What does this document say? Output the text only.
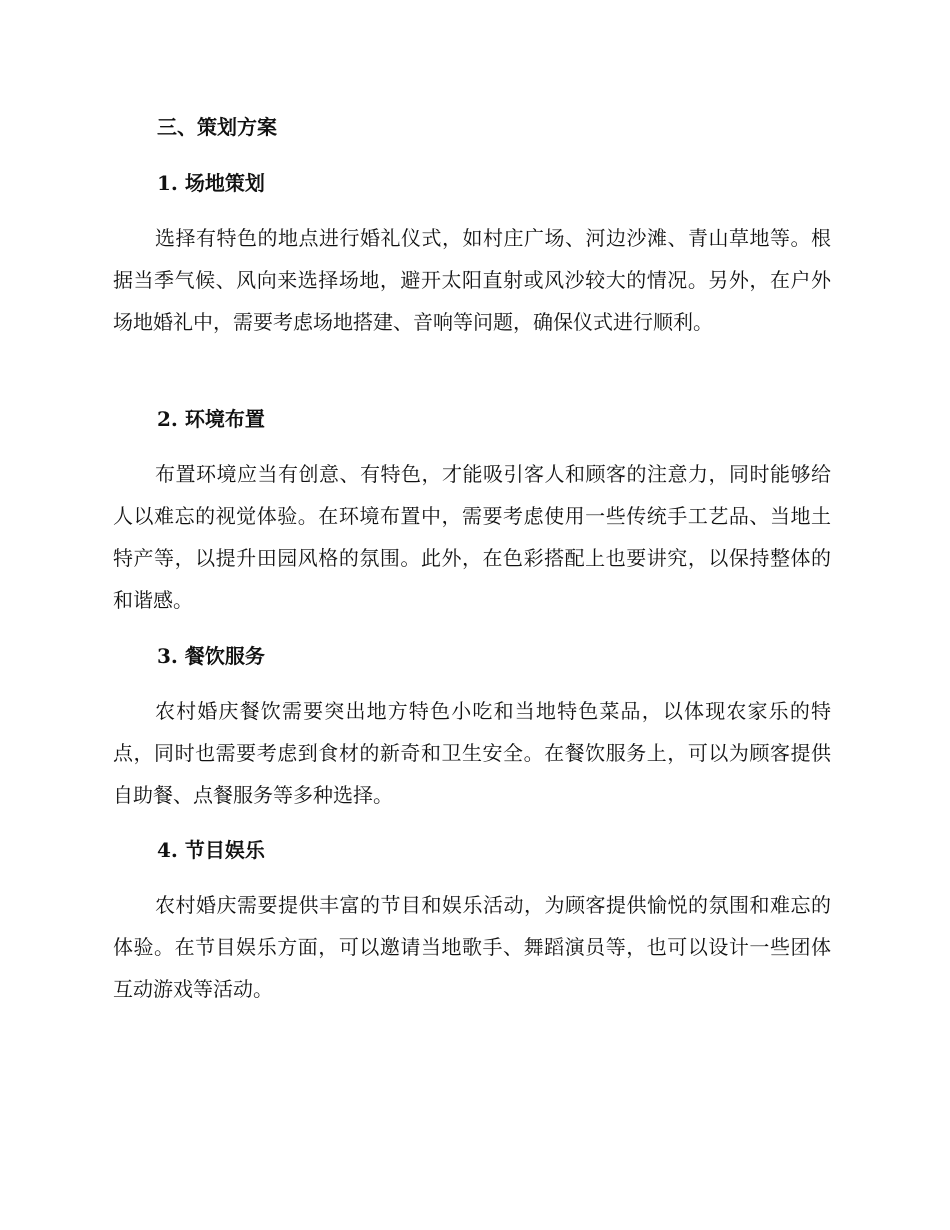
三、策划方案
1. 场地策划
选择有特色的地点进行婚礼仪式，如村庄广场、河边沙滩、青山草地等。根据当季气候、风向来选择场地，避开太阳直射或风沙较大的情况。另外，在户外场地婚礼中，需要考虑场地搭建、音响等问题，确保仪式进行顺利。
2. 环境布置
布置环境应当有创意、有特色，才能吸引客人和顾客的注意力，同时能够给人以难忘的视觉体验。在环境布置中，需要考虑使用一些传统手工艺品、当地土特产等，以提升田园风格的氛围。此外，在色彩搭配上也要讲究，以保持整体的和谐感。
3. 餐饮服务
农村婚庆餐饮需要突出地方特色小吃和当地特色菜品，以体现农家乐的特点，同时也需要考虑到食材的新奇和卫生安全。在餐饮服务上，可以为顾客提供自助餐、点餐服务等多种选择。
4. 节目娱乐
农村婚庆需要提供丰富的节目和娱乐活动，为顾客提供愉悦的氛围和难忘的体验。在节目娱乐方面，可以邀请当地歌手、舞蹈演员等，也可以设计一些团体互动游戏等活动。
